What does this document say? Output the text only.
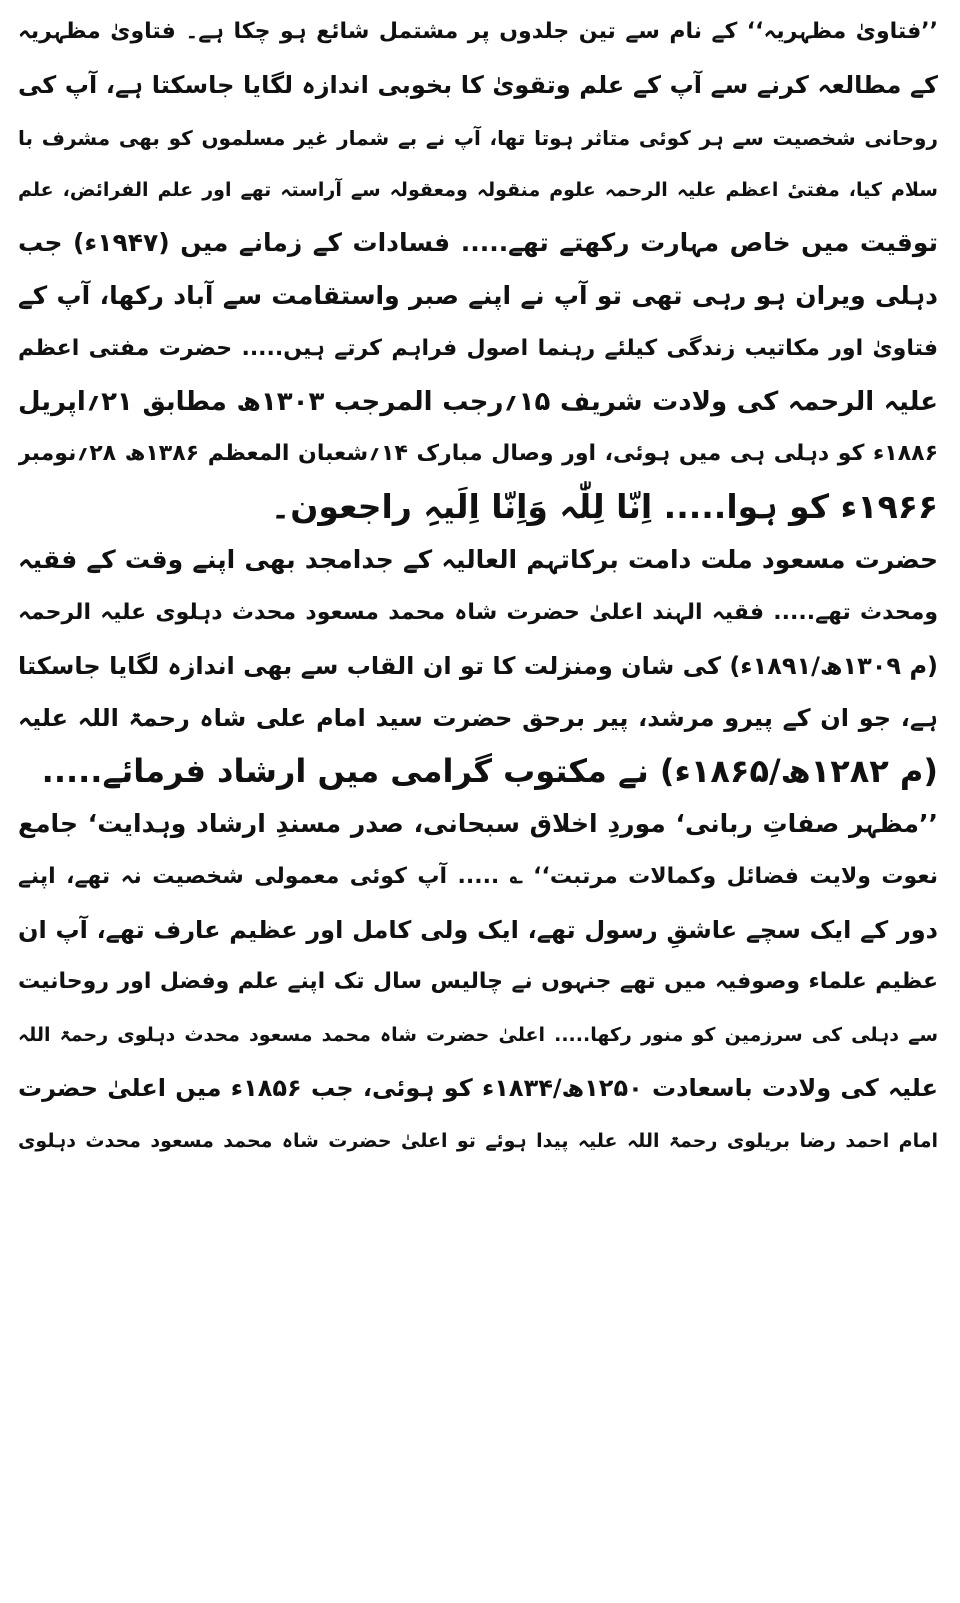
’’فتاویٰ مظہریہ‘‘ کے نام سے تین جلدوں پر مشتمل شائع ہو چکا ہے۔ فتاویٰ مظہریہ
کے مطالعہ کرنے سے آپ کے علم وتقویٰ کا بخوبی اندازہ لگایا جاسکتا ہے، آپ کی
روحانی شخصیت سے ہر کوئی متاثر ہوتا تھا، آپ نے بے شمار غیر مسلموں کو بھی مشرف با
سلام کیا، مفتیٔ اعظم علیہ الرحمہ علوم منقولہ ومعقولہ سے آراستہ تھے اور علم الفرائض، علم
توقیت میں خاص مہارت رکھتے تھے..... فسادات کے زمانے میں (۱۹۴۷ء) جب
دہلی ویران ہو رہی تھی تو آپ نے اپنے صبر واستقامت سے آباد رکھا، آپ کے
فتاویٰ اور مکاتیب زندگی کیلئے رہنما اصول فراہم کرتے ہیں..... حضرت مفتی اعظم
علیہ الرحمہ کی ولادت شریف ۱۵؍رجب المرجب ۱۳۰۳ھ مطابق ۲۱؍اپریل
۱۸۸۶ء کو دہلی ہی میں ہوئی، اور وصال مبارک ۱۴؍شعبان المعظم ۱۳۸۶ھ ۲۸؍نومبر
۱۹۶۶ء کو ہوا..... اِنّا لِلّٰہ وَاِنّا اِلَیہِ راجعون۔
حضرت مسعود ملت دامت برکاتہم العالیہ کے جدامجد بھی اپنے وقت کے فقیہ
ومحدث تھے..... فقیہ الہند اعلیٰ حضرت شاہ محمد مسعود محدث دہلوی علیہ الرحمہ
(م ۱۳۰۹ھ/۱۸۹۱ء) کی شان ومنزلت کا تو ان القاب سے بھی اندازہ لگایا جاسکتا
ہے، جو ان کے پیرو مرشد، پیر برحق حضرت سید امام علی شاہ رحمۃ اللہ علیہ
(م ۱۲۸۲ھ/۱۸۶۵ء) نے مکتوب گرامی میں ارشاد فرمائے.....
’’مظہر صفاتِ ربانی‘ موردِ اخلاق سبحانی، صدر مسندِ ارشاد وہدایت‘ جامع
نعوت ولایت فضائل وکمالات مرتبت‘‘ ؎ ..... آپ کوئی معمولی شخصیت نہ تھے، اپنے
دور کے ایک سچے عاشقِ رسول تھے، ایک ولی کامل اور عظیم عارف تھے، آپ ان
عظیم علماء وصوفیہ میں تھے جنہوں نے چالیس سال تک اپنے علم وفضل اور روحانیت
سے دہلی کی سرزمین کو منور رکھا..... اعلیٰ حضرت شاہ محمد مسعود محدث دہلوی رحمۃ اللہ
علیہ کی ولادت باسعادت ۱۲۵۰ھ/۱۸۳۴ء کو ہوئی، جب ۱۸۵۶ء میں اعلیٰ حضرت
امام احمد رضا بریلوی رحمۃ اللہ علیہ پیدا ہوئے تو اعلیٰ حضرت شاہ محمد مسعود محدث دہلوی
